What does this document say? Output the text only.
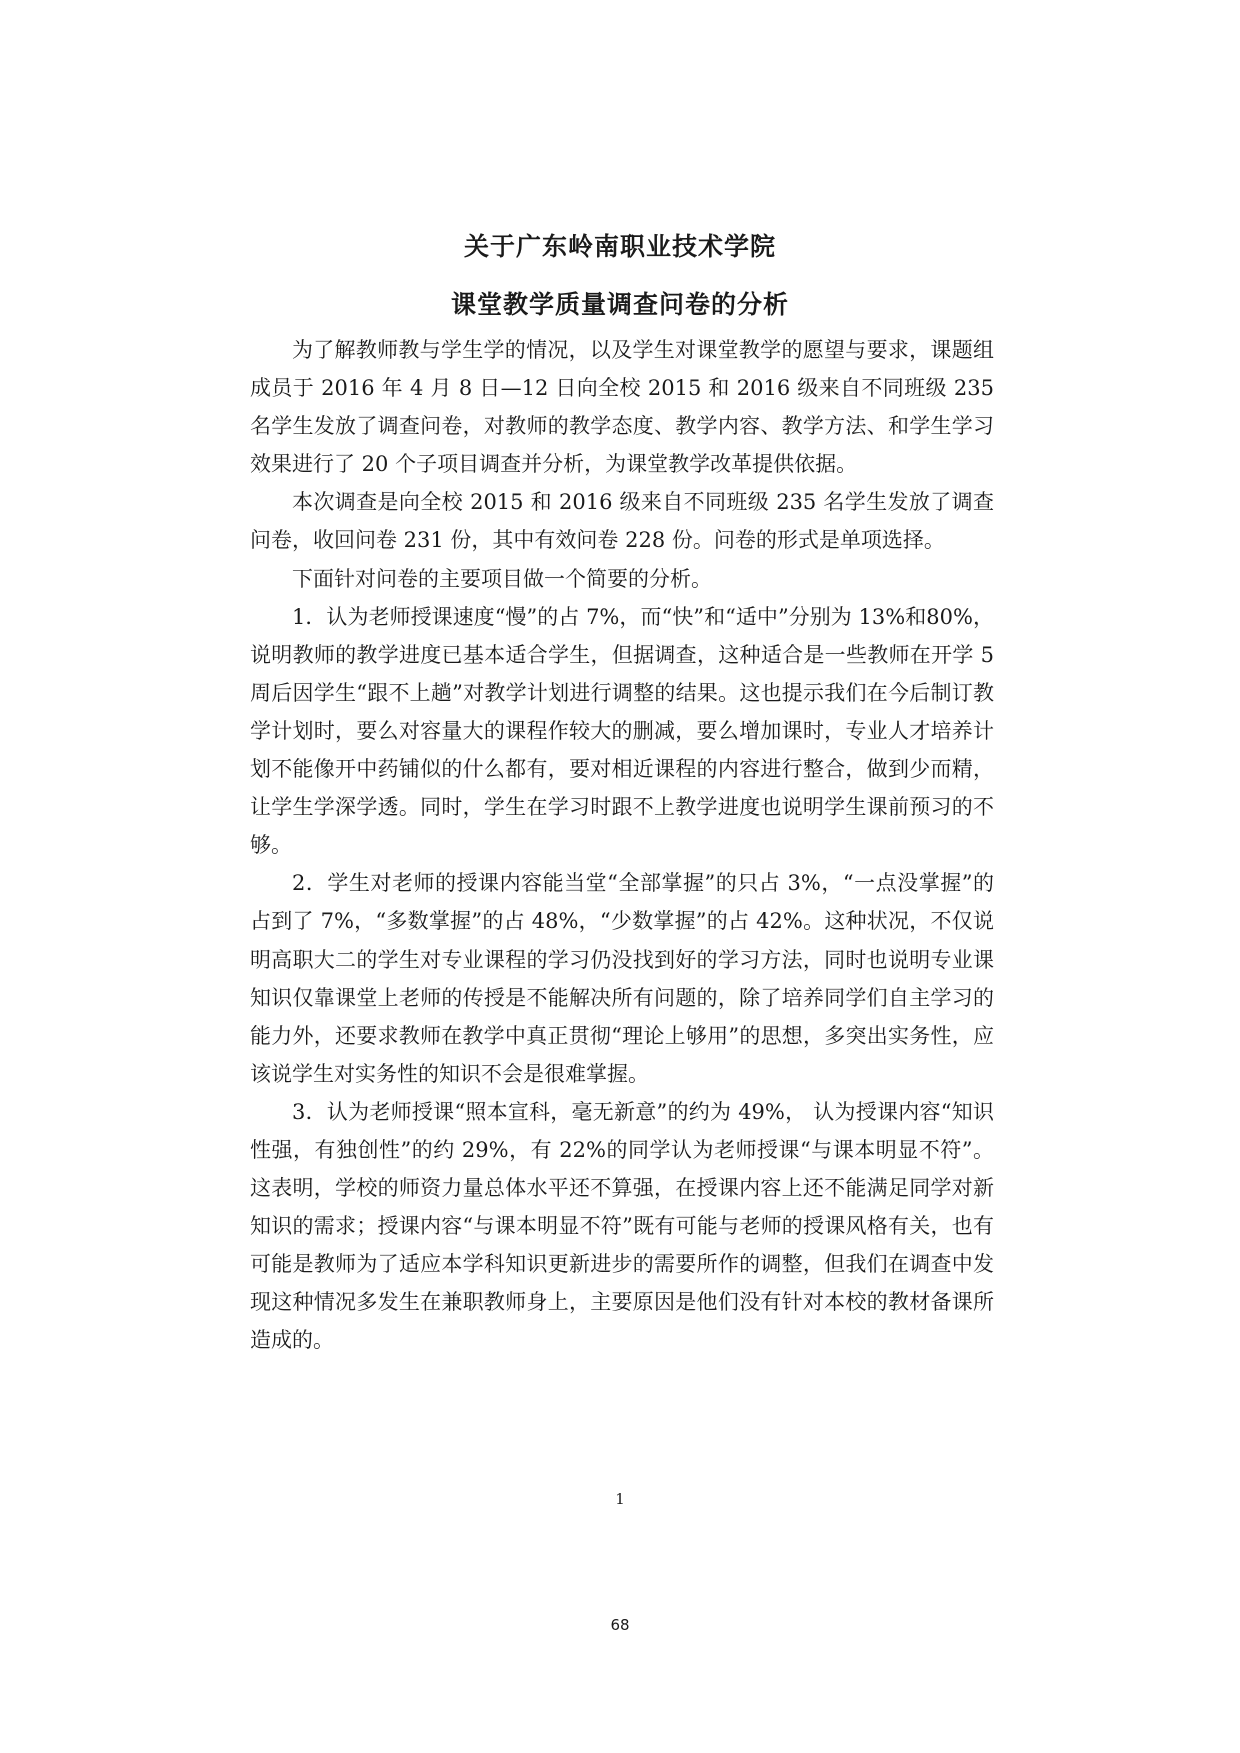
关于广东岭南职业技术学院
课堂教学质量调查问卷的分析

为了解教师教与学生学的情况，以及学生对课堂教学的愿望与要求，课题组成员于 2016 年 4 月 8 日—12 日向全校 2015 和 2016 级来自不同班级 235 名学生发放了调查问卷，对教师的教学态度、教学内容、教学方法、和学生学习效果进行了 20 个子项目调查并分析，为课堂教学改革提供依据。

本次调查是向全校 2015 和 2016 级来自不同班级 235 名学生发放了调查问卷，收回问卷 231 份，其中有效问卷 228 份。问卷的形式是单项选择。

下面针对问卷的主要项目做一个简要的分析。

1．认为老师授课速度“慢”的占 7%，而“快”和“适中”分别为 13%和80%，说明教师的教学进度已基本适合学生，但据调查，这种适合是一些教师在开学 5 周后因学生“跟不上趟”对教学计划进行调整的结果。这也提示我们在今后制订教学计划时，要么对容量大的课程作较大的删减，要么增加课时，专业人才培养计划不能像开中药铺似的什么都有，要对相近课程的内容进行整合，做到少而精，让学生学深学透。同时，学生在学习时跟不上教学进度也说明学生课前预习的不够。

2．学生对老师的授课内容能当堂“全部掌握”的只占 3%，“一点没掌握”的占到了 7%，“多数掌握”的占 48%，“少数掌握”的占 42%。这种状况，不仅说明高职大二的学生对专业课程的学习仍没找到好的学习方法，同时也说明专业课知识仅靠课堂上老师的传授是不能解决所有问题的，除了培养同学们自主学习的能力外，还要求教师在教学中真正贯彻“理论上够用”的思想，多突出实务性，应该说学生对实务性的知识不会是很难掌握。

3．认为老师授课“照本宣科，毫无新意”的约为 49%， 认为授课内容“知识性强，有独创性”的约 29%，有 22%的同学认为老师授课“与课本明显不符”。这表明，学校的师资力量总体水平还不算强，在授课内容上还不能满足同学对新知识的需求；授课内容“与课本明显不符”既有可能与老师的授课风格有关，也有可能是教师为了适应本学科知识更新进步的需要所作的调整，但我们在调查中发现这种情况多发生在兼职教师身上，主要原因是他们没有针对本校的教材备课所造成的。

1
68
